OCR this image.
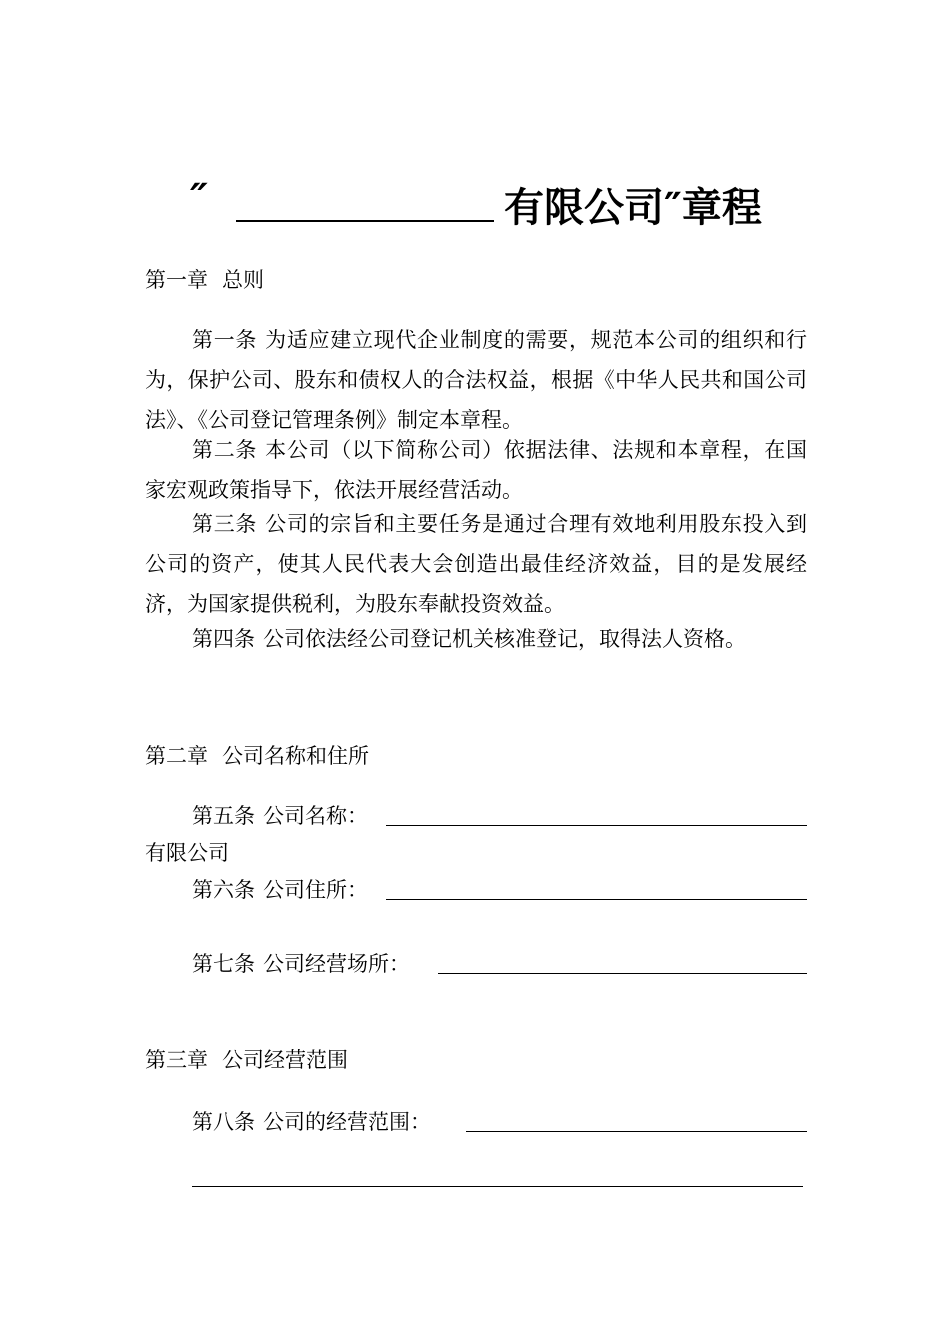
″	有限公司″章程
第一章 总则
第一条 为适应建立现代企业制度的需要，规范本公司的组织和行为，保护公司、股东和债权人的合法权益，根据《中华人民共和国公司法》、《公司登记管理条例》制定本章程。
第二条 本公司（以下简称公司）依据法律、法规和本章程，在国家宏观政策指导下，依法开展经营活动。
第三条 公司的宗旨和主要任务是通过合理有效地利用股东投入到公司的资产，使其人民代表大会创造出最佳经济效益，目的是发展经济，为国家提供税利，为股东奉献投资效益。
第四条 公司依法经公司登记机关核准登记，取得法人资格。
第二章 公司名称和住所
第五条 公司名称：
有限公司
第六条 公司住所：
第七条 公司经营场所：
第三章 公司经营范围
第八条 公司的经营范围：
